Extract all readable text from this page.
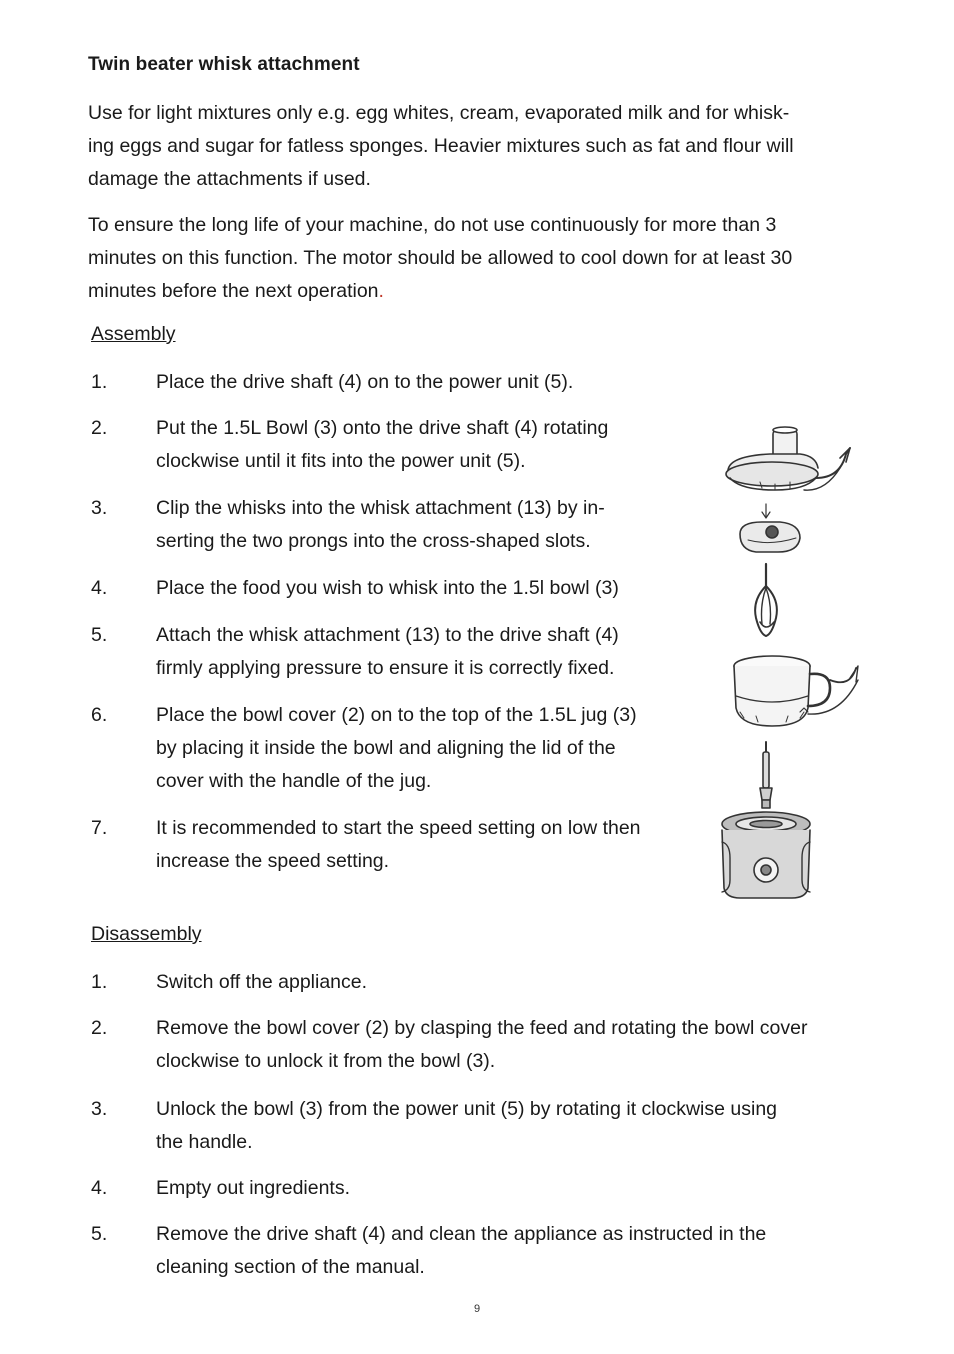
Twin beater whisk attachment
Use for light mixtures only e.g. egg whites, cream, evaporated milk and for whisk-
ing eggs and sugar for fatless sponges. Heavier mixtures such as fat and flour will
damage the attachments if used.
To ensure the long life of your machine, do not use continuously for more than 3
minutes on this function. The motor should be allowed to cool down for at least 30
minutes before the next operation.
Assembly
1.	Place the drive shaft (4) on to the power unit (5).
2.	Put the 1.5L Bowl (3) onto the drive shaft (4) rotating
clockwise until it fits into the power unit (5).
3.	Clip the whisks into the whisk attachment (13) by in-
serting the two prongs into the cross-shaped slots.
4.	Place the food you wish to whisk into the 1.5l bowl (3)
5.	Attach the whisk attachment (13) to the drive shaft (4)
firmly applying pressure to ensure it is correctly fixed.
6.	Place the bowl cover (2) on to the top of the 1.5L jug (3)
by placing it inside the bowl and aligning the lid of the
cover with the handle of the jug.
7.	It is recommended to start the speed setting on low then
increase the speed setting.
Disassembly
1.	Switch off the appliance.
2.	Remove the bowl cover (2) by clasping the feed and rotating the bowl cover
clockwise to unlock it from the bowl (3).
3.	Unlock the bowl (3) from the power unit (5) by rotating it clockwise using
the handle.
4.	Empty out ingredients.
5.	Remove the drive shaft (4) and clean the appliance as instructed in the
cleaning section of the manual.
9
